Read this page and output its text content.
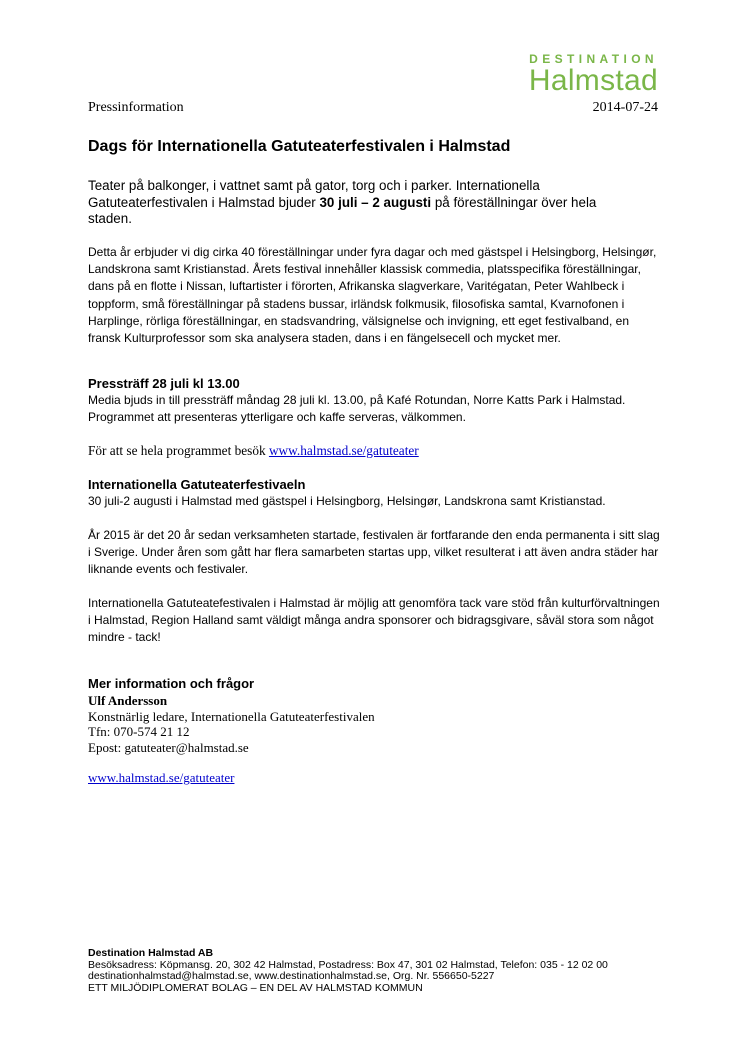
DESTINATION
Halmstad
Pressinformation	2014-07-24
Dags för Internationella Gatuteaterfestivalen i Halmstad
Teater på balkonger, i vattnet samt på gator, torg och i parker. Internationella Gatuteaterfestivalen i Halmstad bjuder 30 juli – 2 augusti på föreställningar över hela staden.
Detta år erbjuder vi dig cirka 40 föreställningar under fyra dagar och med gästspel i Helsingborg, Helsingør, Landskrona samt Kristianstad. Årets festival innehåller klassisk commedia, platsspecifika föreställningar, dans på en flotte i Nissan, luftartister i förorten, Afrikanska slagverkare, Varitégatan, Peter Wahlbeck i toppform, små föreställningar på stadens bussar, irländsk folkmusik, filosofiska samtal, Kvarnofonen i Harplinge, rörliga föreställningar, en stadsvandring, välsignelse och invigning, ett eget festivalband, en fransk Kulturprofessor som ska analysera staden, dans i en fängelsecell och mycket mer.
Pressträff 28 juli kl 13.00
Media bjuds in till pressträff måndag 28 juli kl. 13.00, på Kafé Rotundan, Norre Katts Park i Halmstad. Programmet att presenteras ytterligare och kaffe serveras, välkommen.
För att se hela programmet besök www.halmstad.se/gatuteater
Internationella Gatuteaterfestivaeln
30 juli-2 augusti i Halmstad med gästspel i Helsingborg, Helsingør, Landskrona samt Kristianstad.
År 2015 är det 20 år sedan verksamheten startade, festivalen är fortfarande den enda permanenta i sitt slag i Sverige. Under åren som gått har flera samarbeten startas upp, vilket resulterat i att även andra städer har liknande events och festivaler.
Internationella Gatuteatefestivalen i Halmstad är möjlig att genomföra tack vare stöd från kulturförvaltningen i Halmstad, Region Halland samt väldigt många andra sponsorer och bidragsgivare, såväl stora som något mindre - tack!
Mer information och frågor
Ulf Andersson
Konstnärlig ledare, Internationella Gatuteaterfestivalen
Tfn: 070-574 21 12
Epost: gatuteater@halmstad.se
www.halmstad.se/gatuteater
Destination Halmstad AB
Besöksadress: Köpmansg. 20, 302 42 Halmstad, Postadress: Box 47, 301 02 Halmstad, Telefon: 035 - 12 02 00
destinationhalmstad@halmstad.se, www.destinationhalmstad.se, Org. Nr. 556650-5227
ETT MILJÖDIPLOMERAT BOLAG – EN DEL AV HALMSTAD KOMMUN
